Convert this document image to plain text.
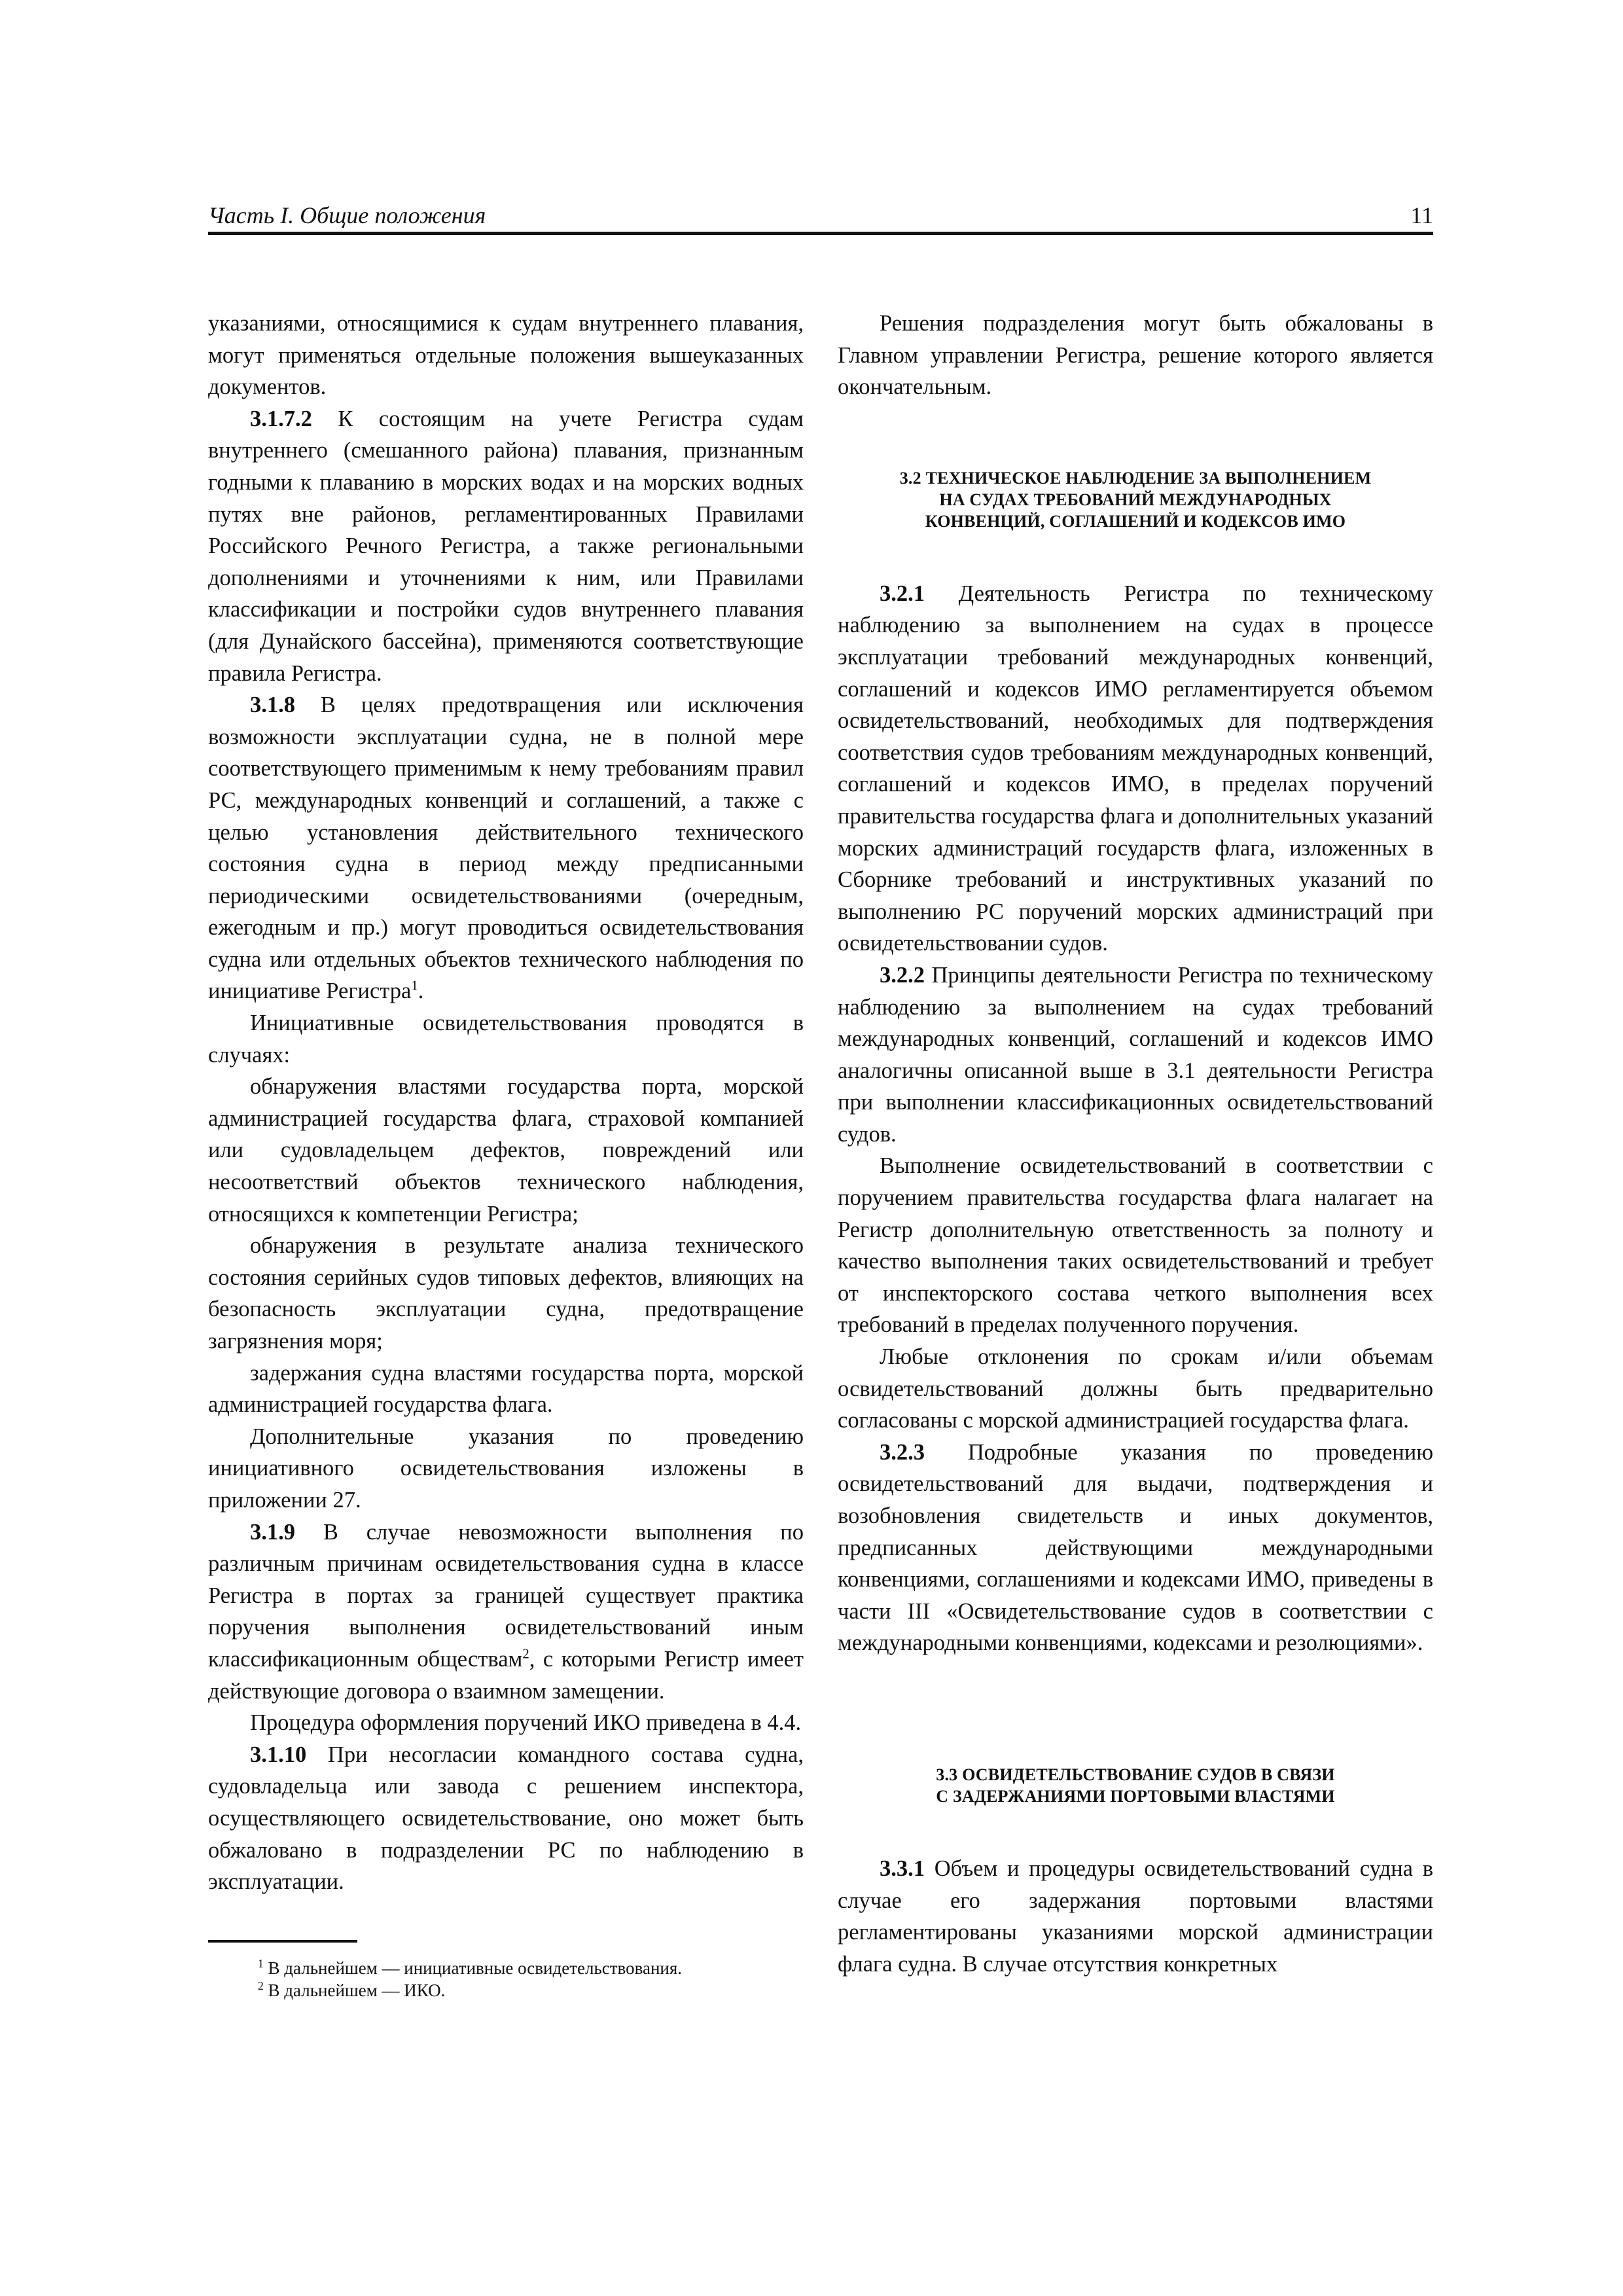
Часть I. Общие положения	11

указаниями, относящимися к судам внутреннего плавания, могут применяться отдельные положения вышеуказанных документов.

3.1.7.2 К состоящим на учете Регистра судам внутреннего (смешанного района) плавания, признанным годными к плаванию в морских водах и на морских водных путях вне районов, регламентированных Правилами Российского Речного Регистра, а также региональными дополнениями и уточнениями к ним, или Правилами классификации и постройки судов внутреннего плавания (для Дунайского бассейна), применяются соответствующие правила Регистра.

3.1.8 В целях предотвращения или исключения возможности эксплуатации судна, не в полной мере соответствующего применимым к нему требованиям правил РС, международных конвенций и соглашений, а также с целью установления действительного технического состояния судна в период между предписанными периодическими освидетельствованиями (очередным, ежегодным и пр.) могут проводиться освидетельствования судна или отдельных объектов технического наблюдения по инициативе Регистра$^1$.

Инициативные освидетельствования проводятся в случаях:

обнаружения властями государства порта, морской администрацией государства флага, страховой компанией или судовладельцем дефектов, повреждений или несоответствий объектов технического наблюдения, относящихся к компетенции Регистра;

обнаружения в результате анализа технического состояния серийных судов типовых дефектов, влияющих на безопасность эксплуатации судна, предотвращение загрязнения моря;

задержания судна властями государства порта, морской администрацией государства флага.

Дополнительные указания по проведению инициативного освидетельствования изложены в приложении 27.

3.1.9 В случае невозможности выполнения по различным причинам освидетельствования судна в классе Регистра в портах за границей существует практика поручения выполнения освидетельствований иным классификационным обществам$^2$, с которыми Регистр имеет действующие договора о взаимном замещении.

Процедура оформления поручений ИКО приведена в 4.4.

3.1.10 При несогласии командного состава судна, судовладельца или завода с решением инспектора, осуществляющего освидетельствование, оно может быть обжаловано в подразделении РС по наблюдению в эксплуатации.

$^1$ В дальнейшем — инициативные освидетельствования.

$^2$ В дальнейшем — ИКО.

Решения подразделения могут быть обжалованы в Главном управлении Регистра, решение которого является окончательным.

3.2 ТЕХНИЧЕСКОЕ НАБЛЮДЕНИЕ ЗА ВЫПОЛНЕНИЕМ
НА СУДАХ ТРЕБОВАНИЙ МЕЖДУНАРОДНЫХ
КОНВЕНЦИЙ, СОГЛАШЕНИЙ И КОДЕКСОВ ИМО

3.2.1 Деятельность Регистра по техническому наблюдению за выполнением на судах в процессе эксплуатации требований международных конвенций, соглашений и кодексов ИМО регламентируется объемом освидетельствований, необходимых для подтверждения соответствия судов требованиям международных конвенций, соглашений и кодексов ИМО, в пределах поручений правительства государства флага и дополнительных указаний морских администраций государств флага, изложенных в Сборнике требований и инструктивных указаний по выполнению РС поручений морских администраций при освидетельствовании судов.

3.2.2 Принципы деятельности Регистра по техническому наблюдению за выполнением на судах требований международных конвенций, соглашений и кодексов ИМО аналогичны описанной выше в 3.1 деятельности Регистра при выполнении классификационных освидетельствований судов.

Выполнение освидетельствований в соответствии с поручением правительства государства флага налагает на Регистр дополнительную ответственность за полноту и качество выполнения таких освидетельствований и требует от инспекторского состава четкого выполнения всех требований в пределах полученного поручения.

Любые отклонения по срокам и/или объемам освидетельствований должны быть предварительно согласованы с морской администрацией государства флага.

3.2.3 Подробные указания по проведению освидетельствований для выдачи, подтверждения и возобновления свидетельств и иных документов, предписанных действующими международными конвенциями, соглашениями и кодексами ИМО, приведены в части III «Освидетельствование судов в соответствии с международными конвенциями, кодексами и резолюциями».

3.3 ОСВИДЕТЕЛЬСТВОВАНИЕ СУДОВ В СВЯЗИ
С ЗАДЕРЖАНИЯМИ ПОРТОВЫМИ ВЛАСТЯМИ

3.3.1 Объем и процедуры освидетельствований судна в случае его задержания портовыми властями регламентированы указаниями морской администрации флага судна. В случае отсутствия конкретных
